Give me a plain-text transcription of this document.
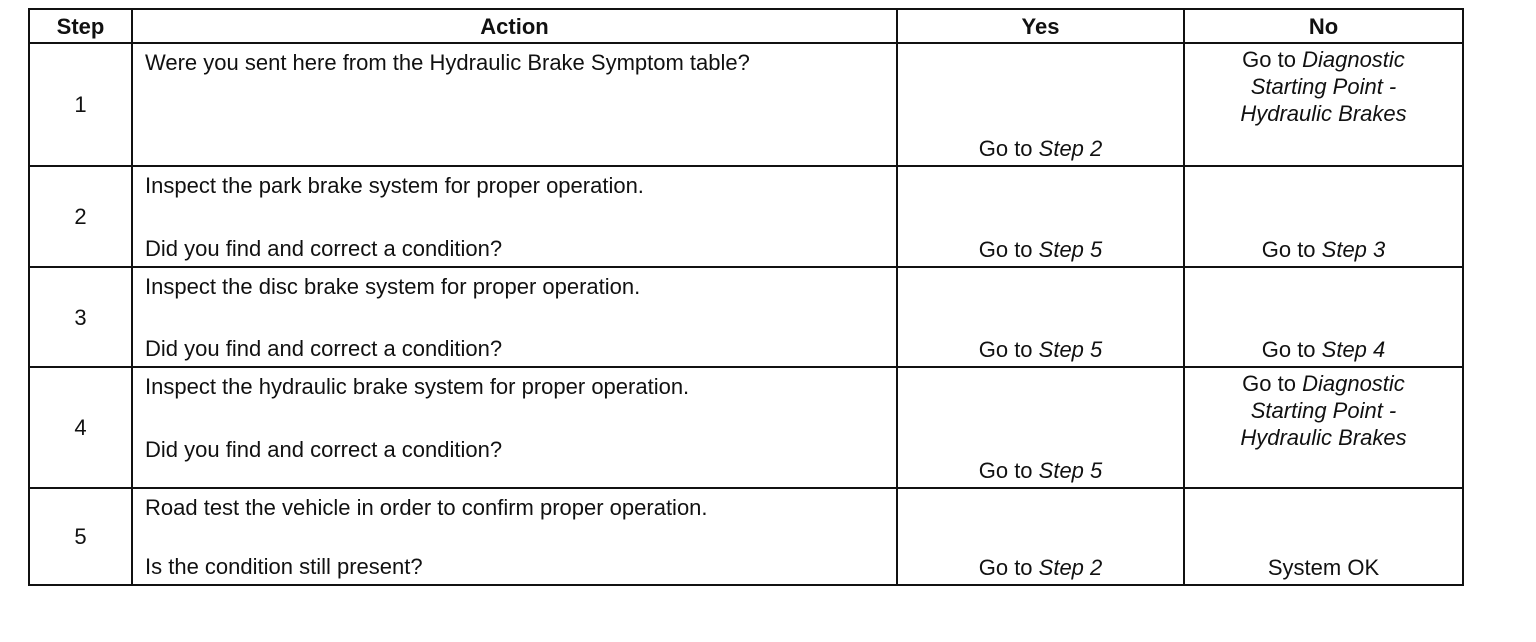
Step	Action	Yes	No
1	Were you sent here from the Hydraulic Brake Symptom table?	Go to Step 2	Go to Diagnostic
Starting Point -
Hydraulic Brakes

2	Inspect the park brake system for proper operation.
Did you find and correct a condition?	Go to Step 5	Go to Step 3
3	Inspect the disc brake system for proper operation.
Did you find and correct a condition?	Go to Step 5	Go to Step 4
4	Inspect the hydraulic brake system for proper operation.
Did you find and correct a condition?	Go to Step 5	Go to Diagnostic
Starting Point -
Hydraulic Brakes

5	Road test the vehicle in order to confirm proper operation.
Is the condition still present?	Go to Step 2	System OK
